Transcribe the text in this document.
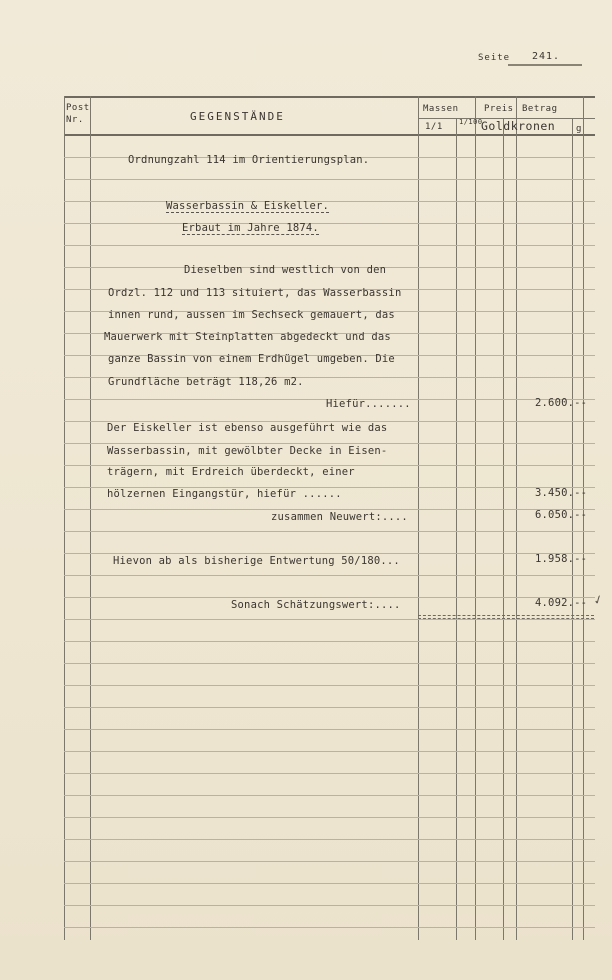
Seite 241.
Post
Nr.	GEGENSTÄNDE
Massen
1/1 1/100
Preis Betrag
Goldkronen g
Ordnungzahl 114 im Orientierungsplan.
Wasserbassin & Eiskeller.
Erbaut im Jahre 1874.
Dieselben sind westlich von den
Ordzl. 112 und 113 situiert, das Wasserbassin
innen rund, aussen im Sechseck gemauert, das
Mauerwerk mit Steinplatten abgedeckt und das
ganze Bassin von einem Erdhügel umgeben. Die
Grundfläche beträgt 118,26 m2.
Hiefür.......	2.600.--
Der Eiskeller ist ebenso ausgeführt wie das
Wasserbassin, mit gewölbter Decke in Eisen-
trägern, mit Erdreich überdeckt, einer
hölzernen Eingangstür, hiefür ......	3.450.--
zusammen Neuwert:....	6.050.--
Hievon ab als bisherige Entwertung 50/180...	1.958.--
Sonach Schätzungswert:....	4.092.-- ✓
